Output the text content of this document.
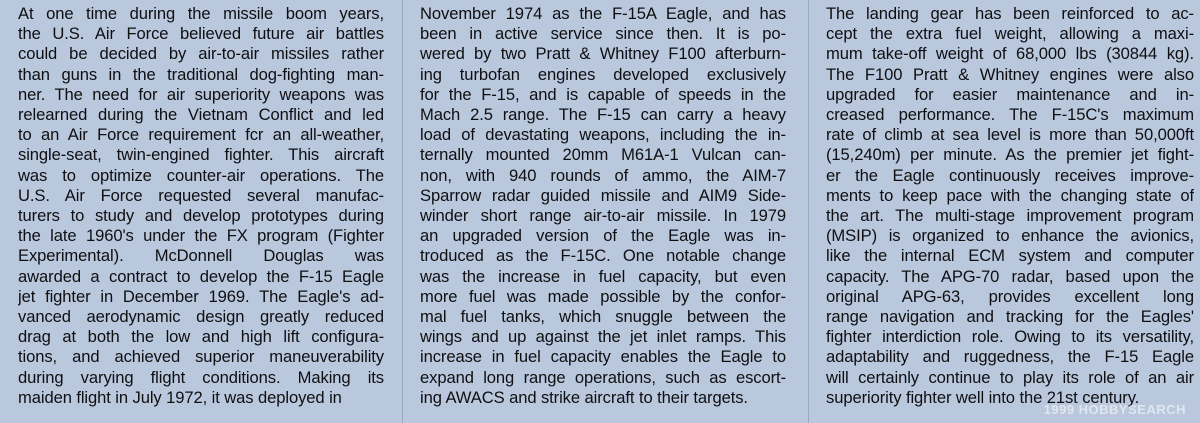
At one time during the missile boom years,
the U.S. Air Force believed future air battles
could be decided by air-to-air missiles rather
than guns in the traditional dog-fighting man-
ner. The need for air superiority weapons was
relearned during the Vietnam Conflict and led
to an Air Force requirement fcr an all-weather,
single-seat, twin-engined fighter. This aircraft
was to optimize counter-air operations. The
U.S. Air Force requested several manufac-
turers to study and develop prototypes during
the late 1960's under the FX program (Fighter
Experimental). McDonnell Douglas was
awarded a contract to develop the F-15 Eagle
jet fighter in December 1969. The Eagle's ad-
vanced aerodynamic design greatly reduced
drag at both the low and high lift configura-
tions, and achieved superior maneuverability
during varying flight conditions. Making its
maiden flight in July 1972, it was deployed in
November 1974 as the F-15A Eagle, and has
been in active service since then. It is po-
wered by two Pratt & Whitney F100 afterburn-
ing turbofan engines developed exclusively
for the F-15, and is capable of speeds in the
Mach 2.5 range. The F-15 can carry a heavy
load of devastating weapons, including the in-
ternally mounted 20mm M61A-1 Vulcan can-
non, with 940 rounds of ammo, the AIM-7
Sparrow radar guided missile and AIM9 Side-
winder short range air-to-air missile. In 1979
an upgraded version of the Eagle was in-
troduced as the F-15C. One notable change
was the increase in fuel capacity, but even
more fuel was made possible by the confor-
mal fuel tanks, which snuggle between the
wings and up against the jet inlet ramps. This
increase in fuel capacity enables the Eagle to
expand long range operations, such as escort-
ing AWACS and strike aircraft to their targets.
The landing gear has been reinforced to ac-
cept the extra fuel weight, allowing a maxi-
mum take-off weight of 68,000 lbs (30844 kg).
The F100 Pratt & Whitney engines were also
upgraded for easier maintenance and in-
creased performance. The F-15C's maximum
rate of climb at sea level is more than 50,000ft
(15,240m) per minute. As the premier jet fight-
er the Eagle continuously receives improve-
ments to keep pace with the changing state of
the art. The multi-stage improvement program
(MSIP) is organized to enhance the avionics,
like the internal ECM system and computer
capacity. The APG-70 radar, based upon the
original APG-63, provides excellent long
range navigation and tracking for the Eagles'
fighter interdiction role. Owing to its versatility,
adaptability and ruggedness, the F-15 Eagle
will certainly continue to play its role of an air
superiority fighter well into the 21st century.
1999 HOBBYSEARCH
